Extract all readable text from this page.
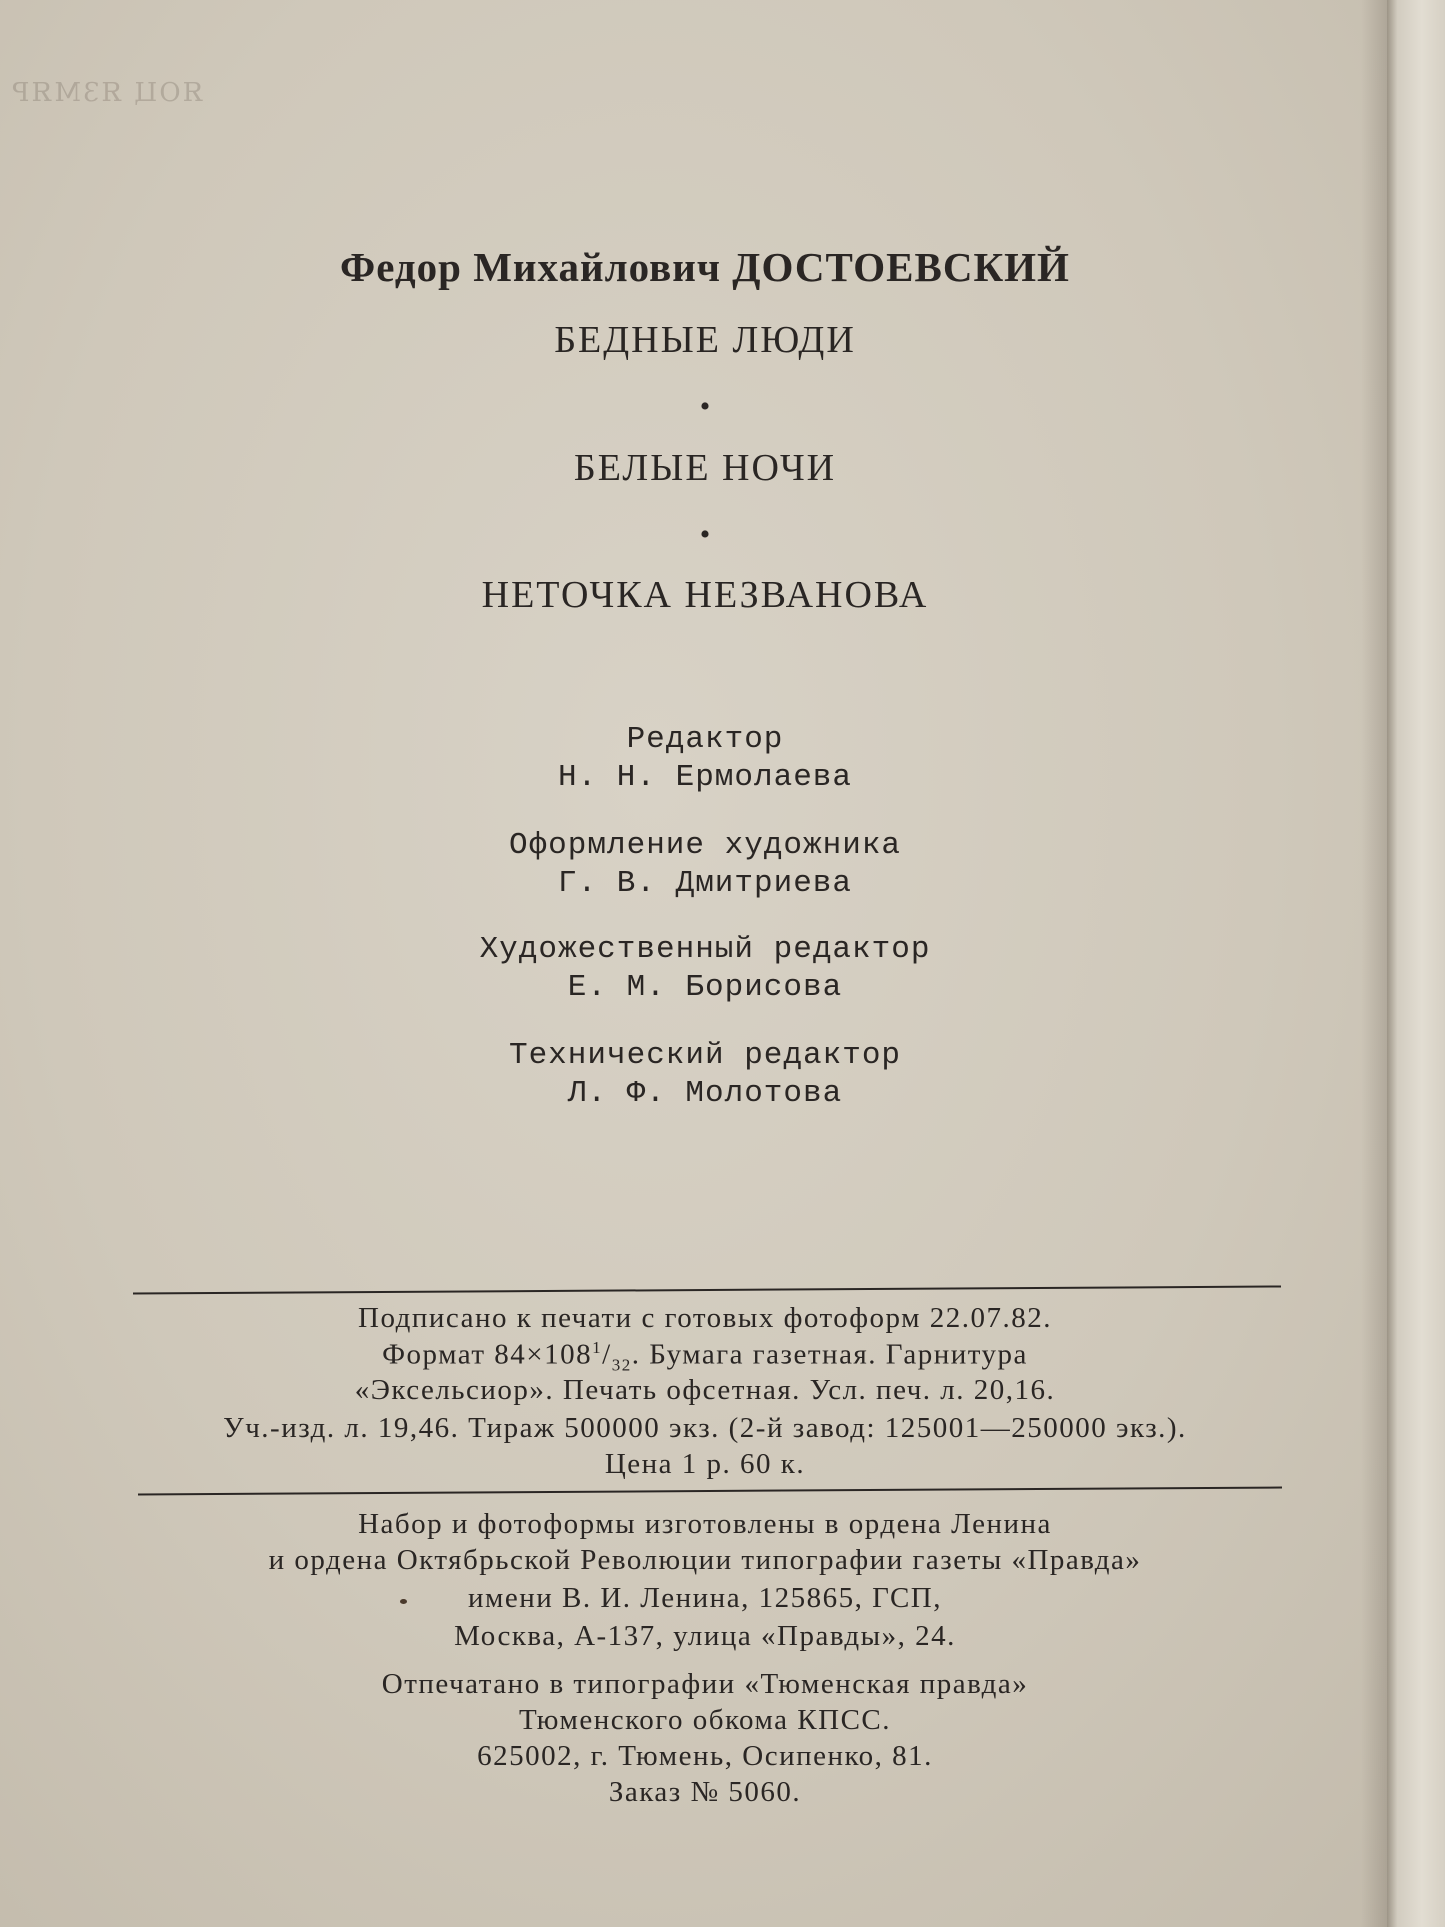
ЯОЦ ЯЗМЯР
Федор Михайлович ДОСТОЕВСКИЙ
БЕДНЫЕ ЛЮДИ
•
БЕЛЫЕ НОЧИ
•
НЕТОЧКА НЕЗВАНОВА
Редактор
Н. Н. Ермолаева
Оформление художника
Г. В. Дмитриева
Художественный редактор
Е. М. Борисова
Технический редактор
Л. Ф. Молотова
Подписано к печати с готовых фотоформ 22.07.82.
Формат $84\times 108^1/_{32}$. Бумага газетная. Гарнитура
«Эксельсиор». Печать офсетная. Усл. печ. л. 20,16.
Уч.-изд. л. 19,46. Тираж 500000 экз. (2-й завод: 125001—250000 экз.).
Цена 1 р. 60 к.
Набор и фотоформы изготовлены в ордена Ленина
и ордена Октябрьской Революции типографии газеты «Правда»
имени В. И. Ленина, 125865, ГСП,
Москва, А-137, улица «Правды», 24.
Отпечатано в типографии «Тюменская правда»
Тюменского обкома КПСС.
625002, г. Тюмень, Осипенко, 81.
Заказ № 5060.
